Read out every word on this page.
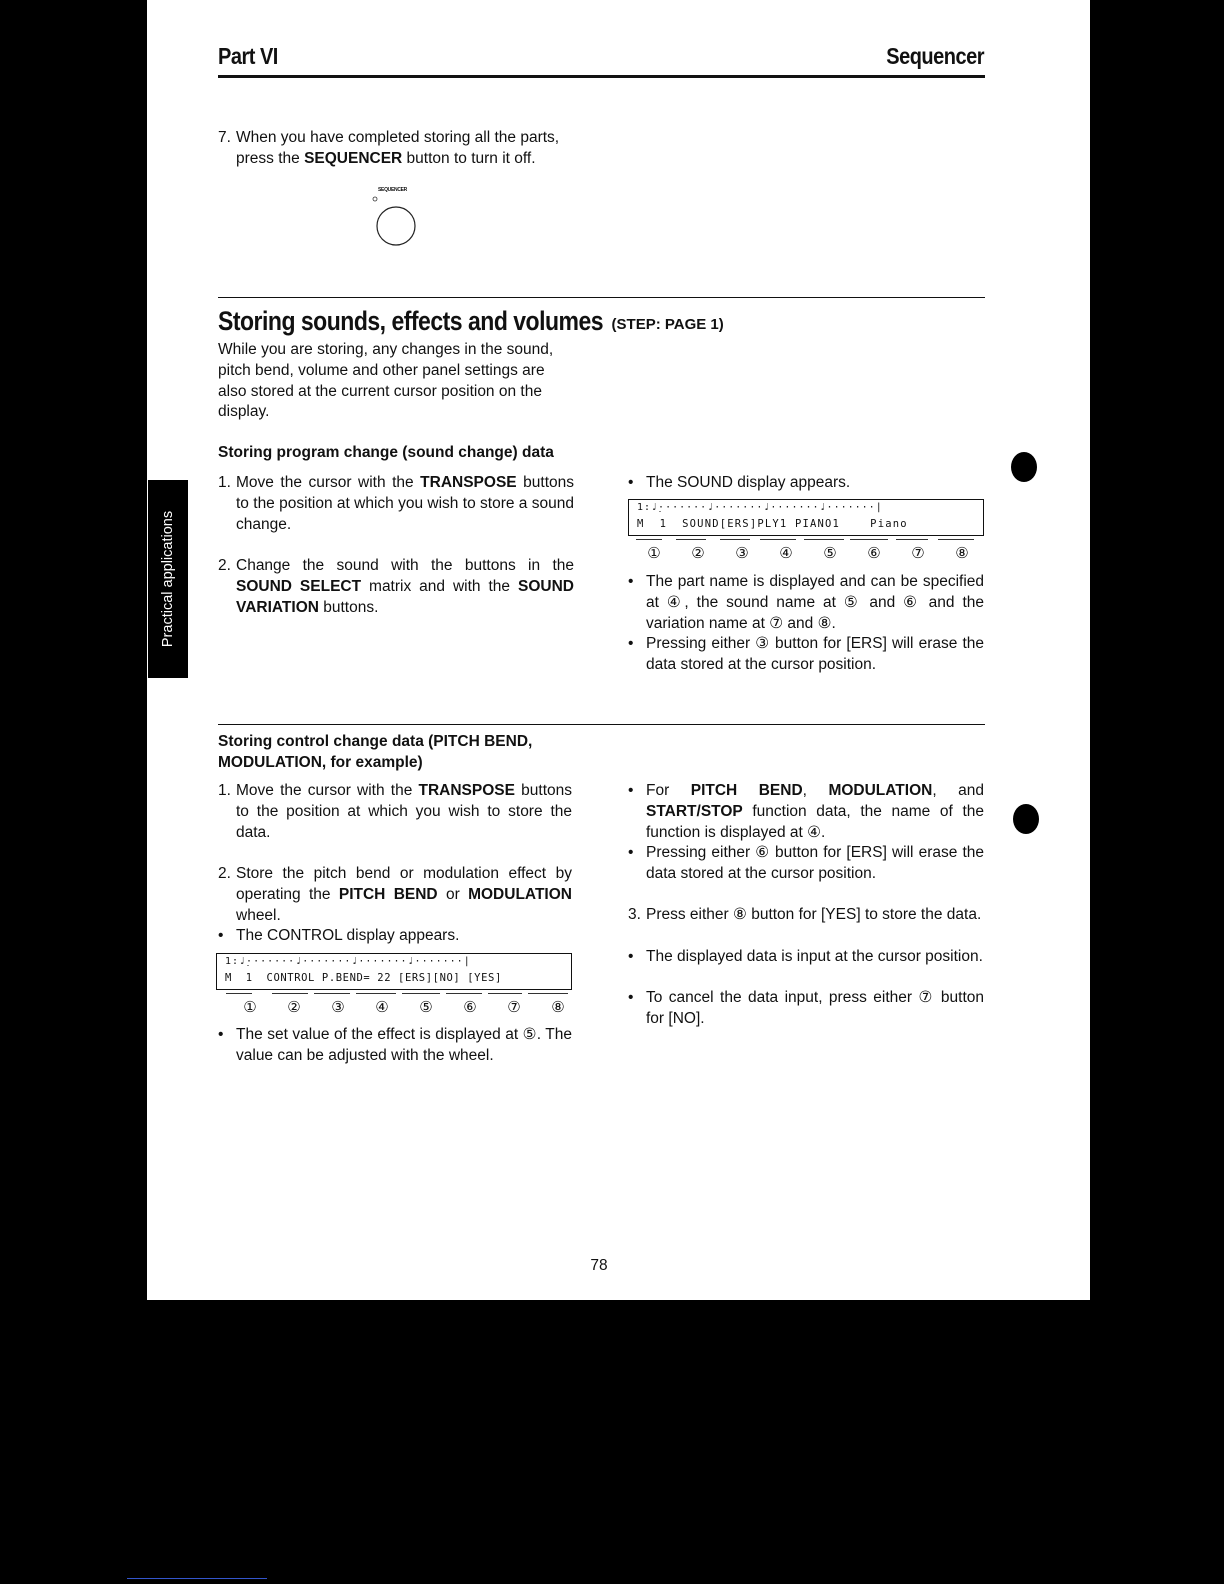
Part VI	Sequencer
7. When you have completed storing all the parts,
press the SEQUENCER button to turn it off.
SEQUENCER
Storing sounds, effects and volumes (STEP: PAGE 1)
While you are storing, any changes in the sound,
pitch bend, volume and other panel settings are
also stored at the current cursor position on the
display.
Practical applications
Storing program change (sound change) data
1. Move the cursor with the TRANSPOSE buttons to the position at which you wish to store a sound change.
2. Change the sound with the buttons in the SOUND SELECT matrix and with the SOUND VARIATION buttons.
• The SOUND display appears.
1:♩̣·······♩·······♩·······♩·······|
M  1  SOUND[ERS]PLY1 PIANO1    Piano
①	②	③	④	⑤	⑥	⑦	⑧
• The part name is displayed and can be specified at ④, the sound name at ⑤ and ⑥ and the variation name at ⑦ and ⑧.
• Pressing either ③ button for [ERS] will erase the data stored at the cursor position.
Storing control change data (PITCH BEND,
MODULATION, for example)
1. Move the cursor with the TRANSPOSE buttons to the position at which you wish to store the data.
2. Store the pitch bend or modulation effect by operating the PITCH BEND or MODULATION wheel.
• The CONTROL display appears.
1:♩̣·······♩·······♩·······♩·······|
M  1  CONTROL P.BEND= 22 [ERS][NO] [YES]
①	②	③	④	⑤	⑥	⑦	⑧
• The set value of the effect is displayed at ⑤. The value can be adjusted with the wheel.
• For PITCH BEND, MODULATION, and START/STOP function data, the name of the function is displayed at ④.
• Pressing either ⑥ button for [ERS] will erase the data stored at the cursor position.
3. Press either ⑧ button for [YES] to store the data.
• The displayed data is input at the cursor position.
• To cancel the data input, press either ⑦ button for [NO].
78
